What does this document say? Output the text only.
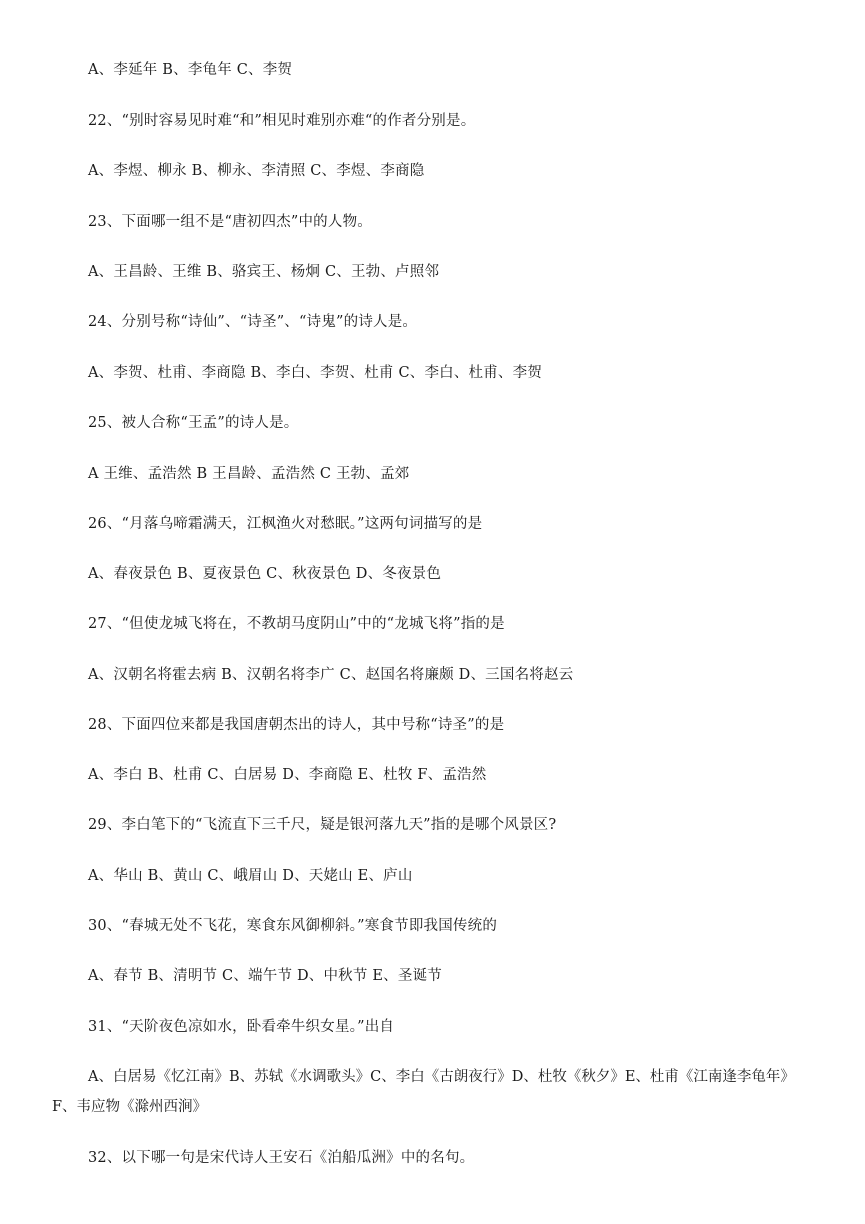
A、李延年 B、李龟年 C、李贺
22、“别时容易见时难“和”相见时难别亦难“的作者分别是。
A、李煜、柳永 B、柳永、李清照 C、李煜、李商隐
23、下面哪一组不是“唐初四杰”中的人物。
A、王昌龄、王维 B、骆宾王、杨炯 C、王勃、卢照邻
24、分别号称“诗仙”、“诗圣”、“诗鬼”的诗人是。
A、李贺、杜甫、李商隐 B、李白、李贺、杜甫 C、李白、杜甫、李贺
25、被人合称“王孟”的诗人是。
A 王维、孟浩然 B 王昌龄、孟浩然 C 王勃、孟郊
26、“月落乌啼霜满天，江枫渔火对愁眠。”这两句词描写的是
A、春夜景色 B、夏夜景色 C、秋夜景色 D、冬夜景色
27、“但使龙城飞将在，不教胡马度阴山”中的“龙城飞将”指的是
A、汉朝名将霍去病 B、汉朝名将李广 C、赵国名将廉颇 D、三国名将赵云
28、下面四位来都是我国唐朝杰出的诗人，其中号称“诗圣”的是
A、李白 B、杜甫 C、白居易 D、李商隐 E、杜牧 F、孟浩然
29、李白笔下的“飞流直下三千尺，疑是银河落九天”指的是哪个风景区?
A、华山 B、黄山 C、峨眉山 D、天姥山 E、庐山
30、“春城无处不飞花，寒食东风御柳斜。”寒食节即我国传统的
A、春节 B、清明节 C、端午节 D、中秋节 E、圣诞节
31、“天阶夜色凉如水，卧看牵牛织女星。”出自
A、白居易《忆江南》B、苏轼《水调歌头》C、李白《古朗夜行》D、杜牧《秋夕》E、杜甫《江南逢李龟年》
F、韦应物《滁州西涧》
32、以下哪一句是宋代诗人王安石《泊船瓜洲》中的名句。
